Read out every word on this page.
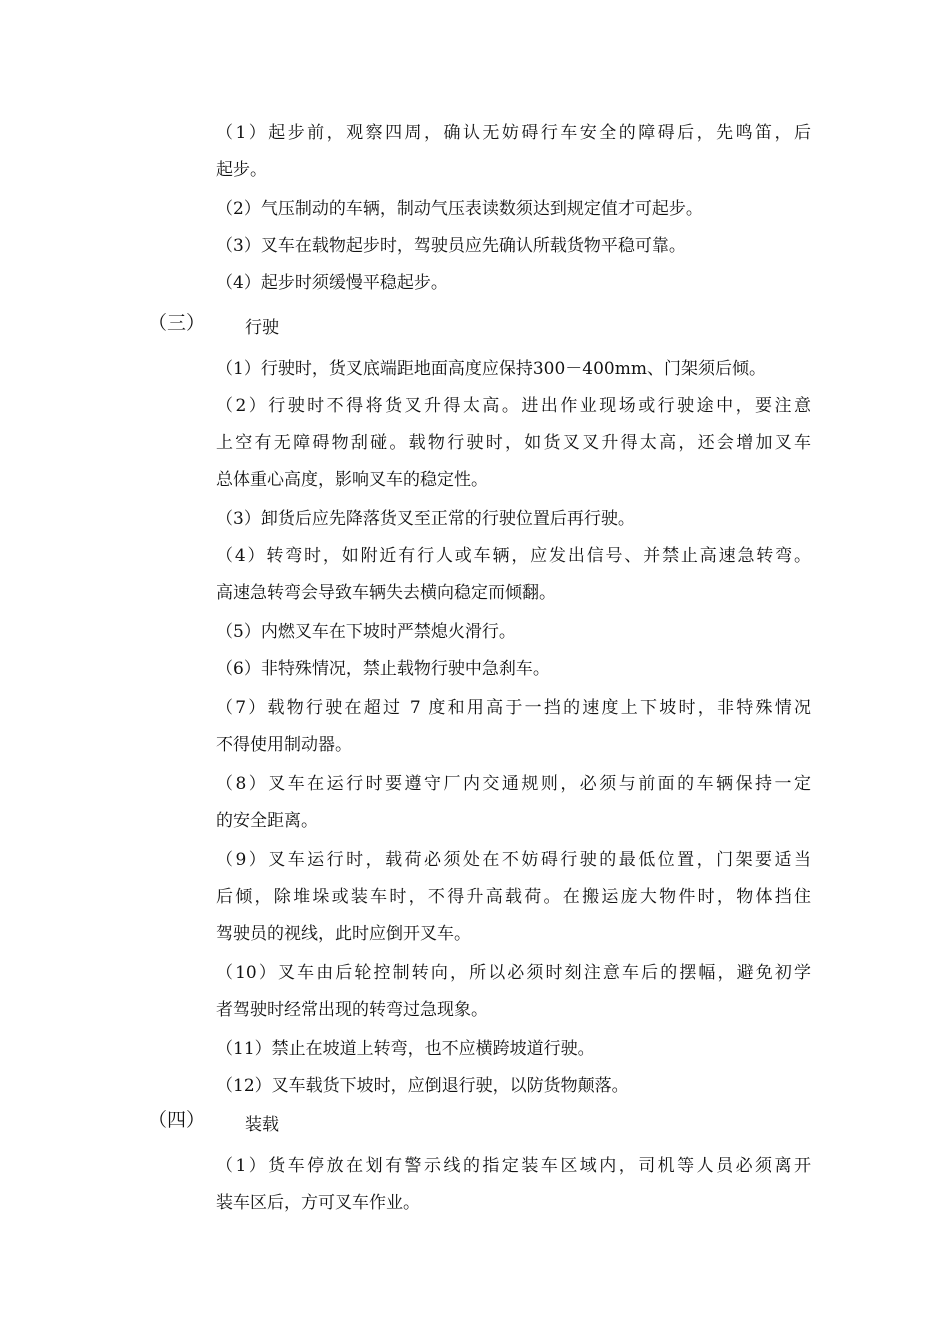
（1）起步前，观察四周，确认无妨碍行车安全的障碍后，先鸣笛，后
起步。
（2）气压制动的车辆，制动气压表读数须达到规定值才可起步。
（3）叉车在载物起步时，驾驶员应先确认所载货物平稳可靠。
（4）起步时须缓慢平稳起步。
（三） 行驶
（1）行驶时，货叉底端距地面高度应保持300－400mm、门架须后倾。
（2）行驶时不得将货叉升得太高。进出作业现场或行驶途中，要注意
上空有无障碍物刮碰。载物行驶时，如货叉叉升得太高，还会增加叉车
总体重心高度，影响叉车的稳定性。
（3）卸货后应先降落货叉至正常的行驶位置后再行驶。
（4）转弯时，如附近有行人或车辆，应发出信号、并禁止高速急转弯。
高速急转弯会导致车辆失去横向稳定而倾翻。
（5）内燃叉车在下坡时严禁熄火滑行。
（6）非特殊情况，禁止载物行驶中急刹车。
（7）载物行驶在超过 7 度和用高于一挡的速度上下坡时，非特殊情况
不得使用制动器。
（8）叉车在运行时要遵守厂内交通规则，必须与前面的车辆保持一定
的安全距离。
（9）叉车运行时，载荷必须处在不妨碍行驶的最低位置，门架要适当
后倾，除堆垛或装车时，不得升高载荷。在搬运庞大物件时，物体挡住
驾驶员的视线，此时应倒开叉车。
（10）叉车由后轮控制转向，所以必须时刻注意车后的摆幅，避免初学
者驾驶时经常出现的转弯过急现象。
（11）禁止在坡道上转弯，也不应横跨坡道行驶。
（12）叉车载货下坡时，应倒退行驶，以防货物颠落。
（四） 装载
（1）货车停放在划有警示线的指定装车区域内，司机等人员必须离开
装车区后，方可叉车作业。
